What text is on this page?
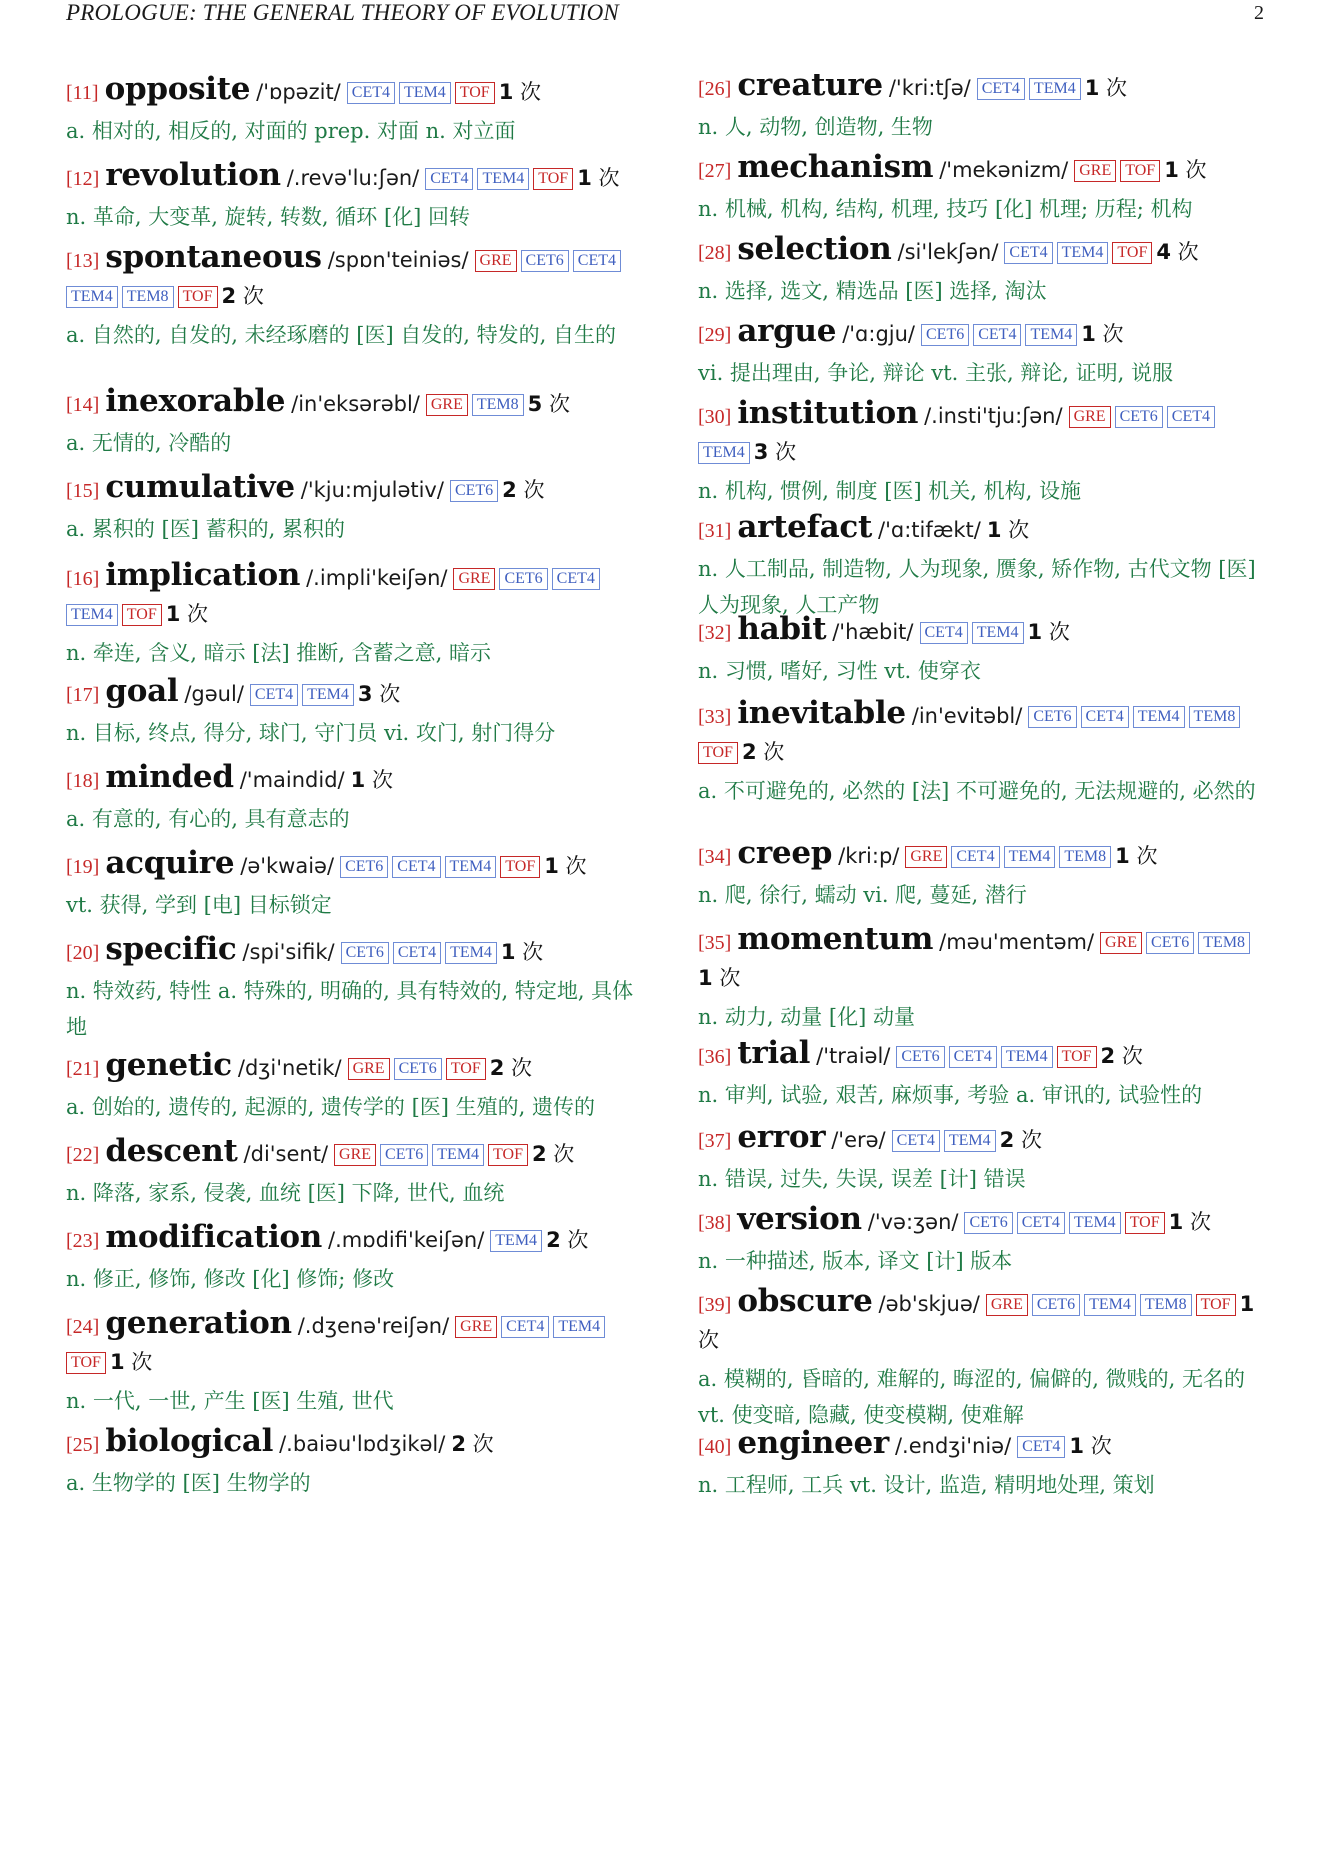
PROLOGUE: THE GENERAL THEORY OF EVOLUTION	2
[11] opposite /'ɒpəzit/ CET4 TEM4 TOF 1 次
a. 相对的, 相反的, 对面的 prep. 对面 n. 对立面
[12] revolution /.revə'lu:ʃən/ CET4 TEM4 TOF 1 次
n. 革命, 大变革, 旋转, 转数, 循环 [化] 回转
[13] spontaneous /spɒn'teiniəs/ GRE CET6 CET4TEM4 TEM8 TOF 2 次
a. 自然的, 自发的, 未经琢磨的 [医] 自发的, 特发的, 自生的
[14] inexorable /in'eksərəbl/ GRE TEM8 5 次
a. 无情的, 冷酷的
[15] cumulative /'kju:mjulətiv/ CET6 2 次
a. 累积的 [医] 蓄积的, 累积的
[16] implication /.impli'keiʃən/ GRE CET6 CET4TEM4 TOF 1 次
n. 牵连, 含义, 暗示 [法] 推断, 含蓄之意, 暗示
[17] goal /gəul/ CET4 TEM4 3 次
n. 目标, 终点, 得分, 球门, 守门员 vi. 攻门, 射门得分
[18] minded /'maindid/ 1 次
a. 有意的, 有心的, 具有意志的
[19] acquire /ə'kwaiə/ CET6 CET4 TEM4 TOF 1 次
vt. 获得, 学到 [电] 目标锁定
[20] specific /spi'sifik/ CET6 CET4 TEM4 1 次
n. 特效药, 特性 a. 特殊的, 明确的, 具有特效的, 特定地, 具体地
[21] genetic /dʒi'netik/ GRE CET6 TOF 2 次
a. 创始的, 遗传的, 起源的, 遗传学的 [医] 生殖的, 遗传的
[22] descent /di'sent/ GRE CET6 TEM4 TOF 2 次
n. 降落, 家系, 侵袭, 血统 [医] 下降, 世代, 血统
[23] modification /.mɒdifi'keiʃən/ TEM4 2 次
n. 修正, 修饰, 修改 [化] 修饰; 修改
[24] generation /.dʒenə'reiʃən/ GRE CET4 TEM4TOF 1 次
n. 一代, 一世, 产生 [医] 生殖, 世代
[25] biological /.baiəu'lɒdʒikəl/ 2 次
a. 生物学的 [医] 生物学的
[26] creature /'kri:tʃə/ CET4 TEM4 1 次
n. 人, 动物, 创造物, 生物
[27] mechanism /'mekənizm/ GRE TOF 1 次
n. 机械, 机构, 结构, 机理, 技巧 [化] 机理; 历程; 机构
[28] selection /si'lekʃən/ CET4 TEM4 TOF 4 次
n. 选择, 选文, 精选品 [医] 选择, 淘汰
[29] argue /'ɑ:gju/ CET6 CET4 TEM4 1 次
vi. 提出理由, 争论, 辩论 vt. 主张, 辩论, 证明, 说服
[30] institution /.insti'tju:ʃən/ GRE CET6 CET4TEM4 3 次
n. 机构, 惯例, 制度 [医] 机关, 机构, 设施
[31] artefact /'ɑ:tifækt/ 1 次
n. 人工制品, 制造物, 人为现象, 赝象, 矫作物, 古代文物 [医] 人为现象, 人工产物
[32] habit /'hæbit/ CET4 TEM4 1 次
n. 习惯, 嗜好, 习性 vt. 使穿衣
[33] inevitable /in'evitəbl/ CET6 CET4 TEM4 TEM8TOF 2 次
a. 不可避免的, 必然的 [法] 不可避免的, 无法规避的, 必然的
[34] creep /kri:p/ GRE CET4 TEM4 TEM8 1 次
n. 爬, 徐行, 蠕动 vi. 爬, 蔓延, 潜行
[35] momentum /məu'mentəm/ GRE CET6 TEM81 次
n. 动力, 动量 [化] 动量
[36] trial /'traiəl/ CET6 CET4 TEM4 TOF 2 次
n. 审判, 试验, 艰苦, 麻烦事, 考验 a. 审讯的, 试验性的
[37] error /'erə/ CET4 TEM4 2 次
n. 错误, 过失, 失误, 误差 [计] 错误
[38] version /'və:ʒən/ CET6 CET4 TEM4 TOF 1 次
n. 一种描述, 版本, 译文 [计] 版本
[39] obscure /əb'skjuə/ GRE CET6 TEM4 TEM8 TOF 1 次
a. 模糊的, 昏暗的, 难解的, 晦涩的, 偏僻的, 微贱的, 无名的 vt. 使变暗, 隐藏, 使变模糊, 使难解
[40] engineer /.endʒi'niə/ CET4 1 次
n. 工程师, 工兵 vt. 设计, 监造, 精明地处理, 策划
